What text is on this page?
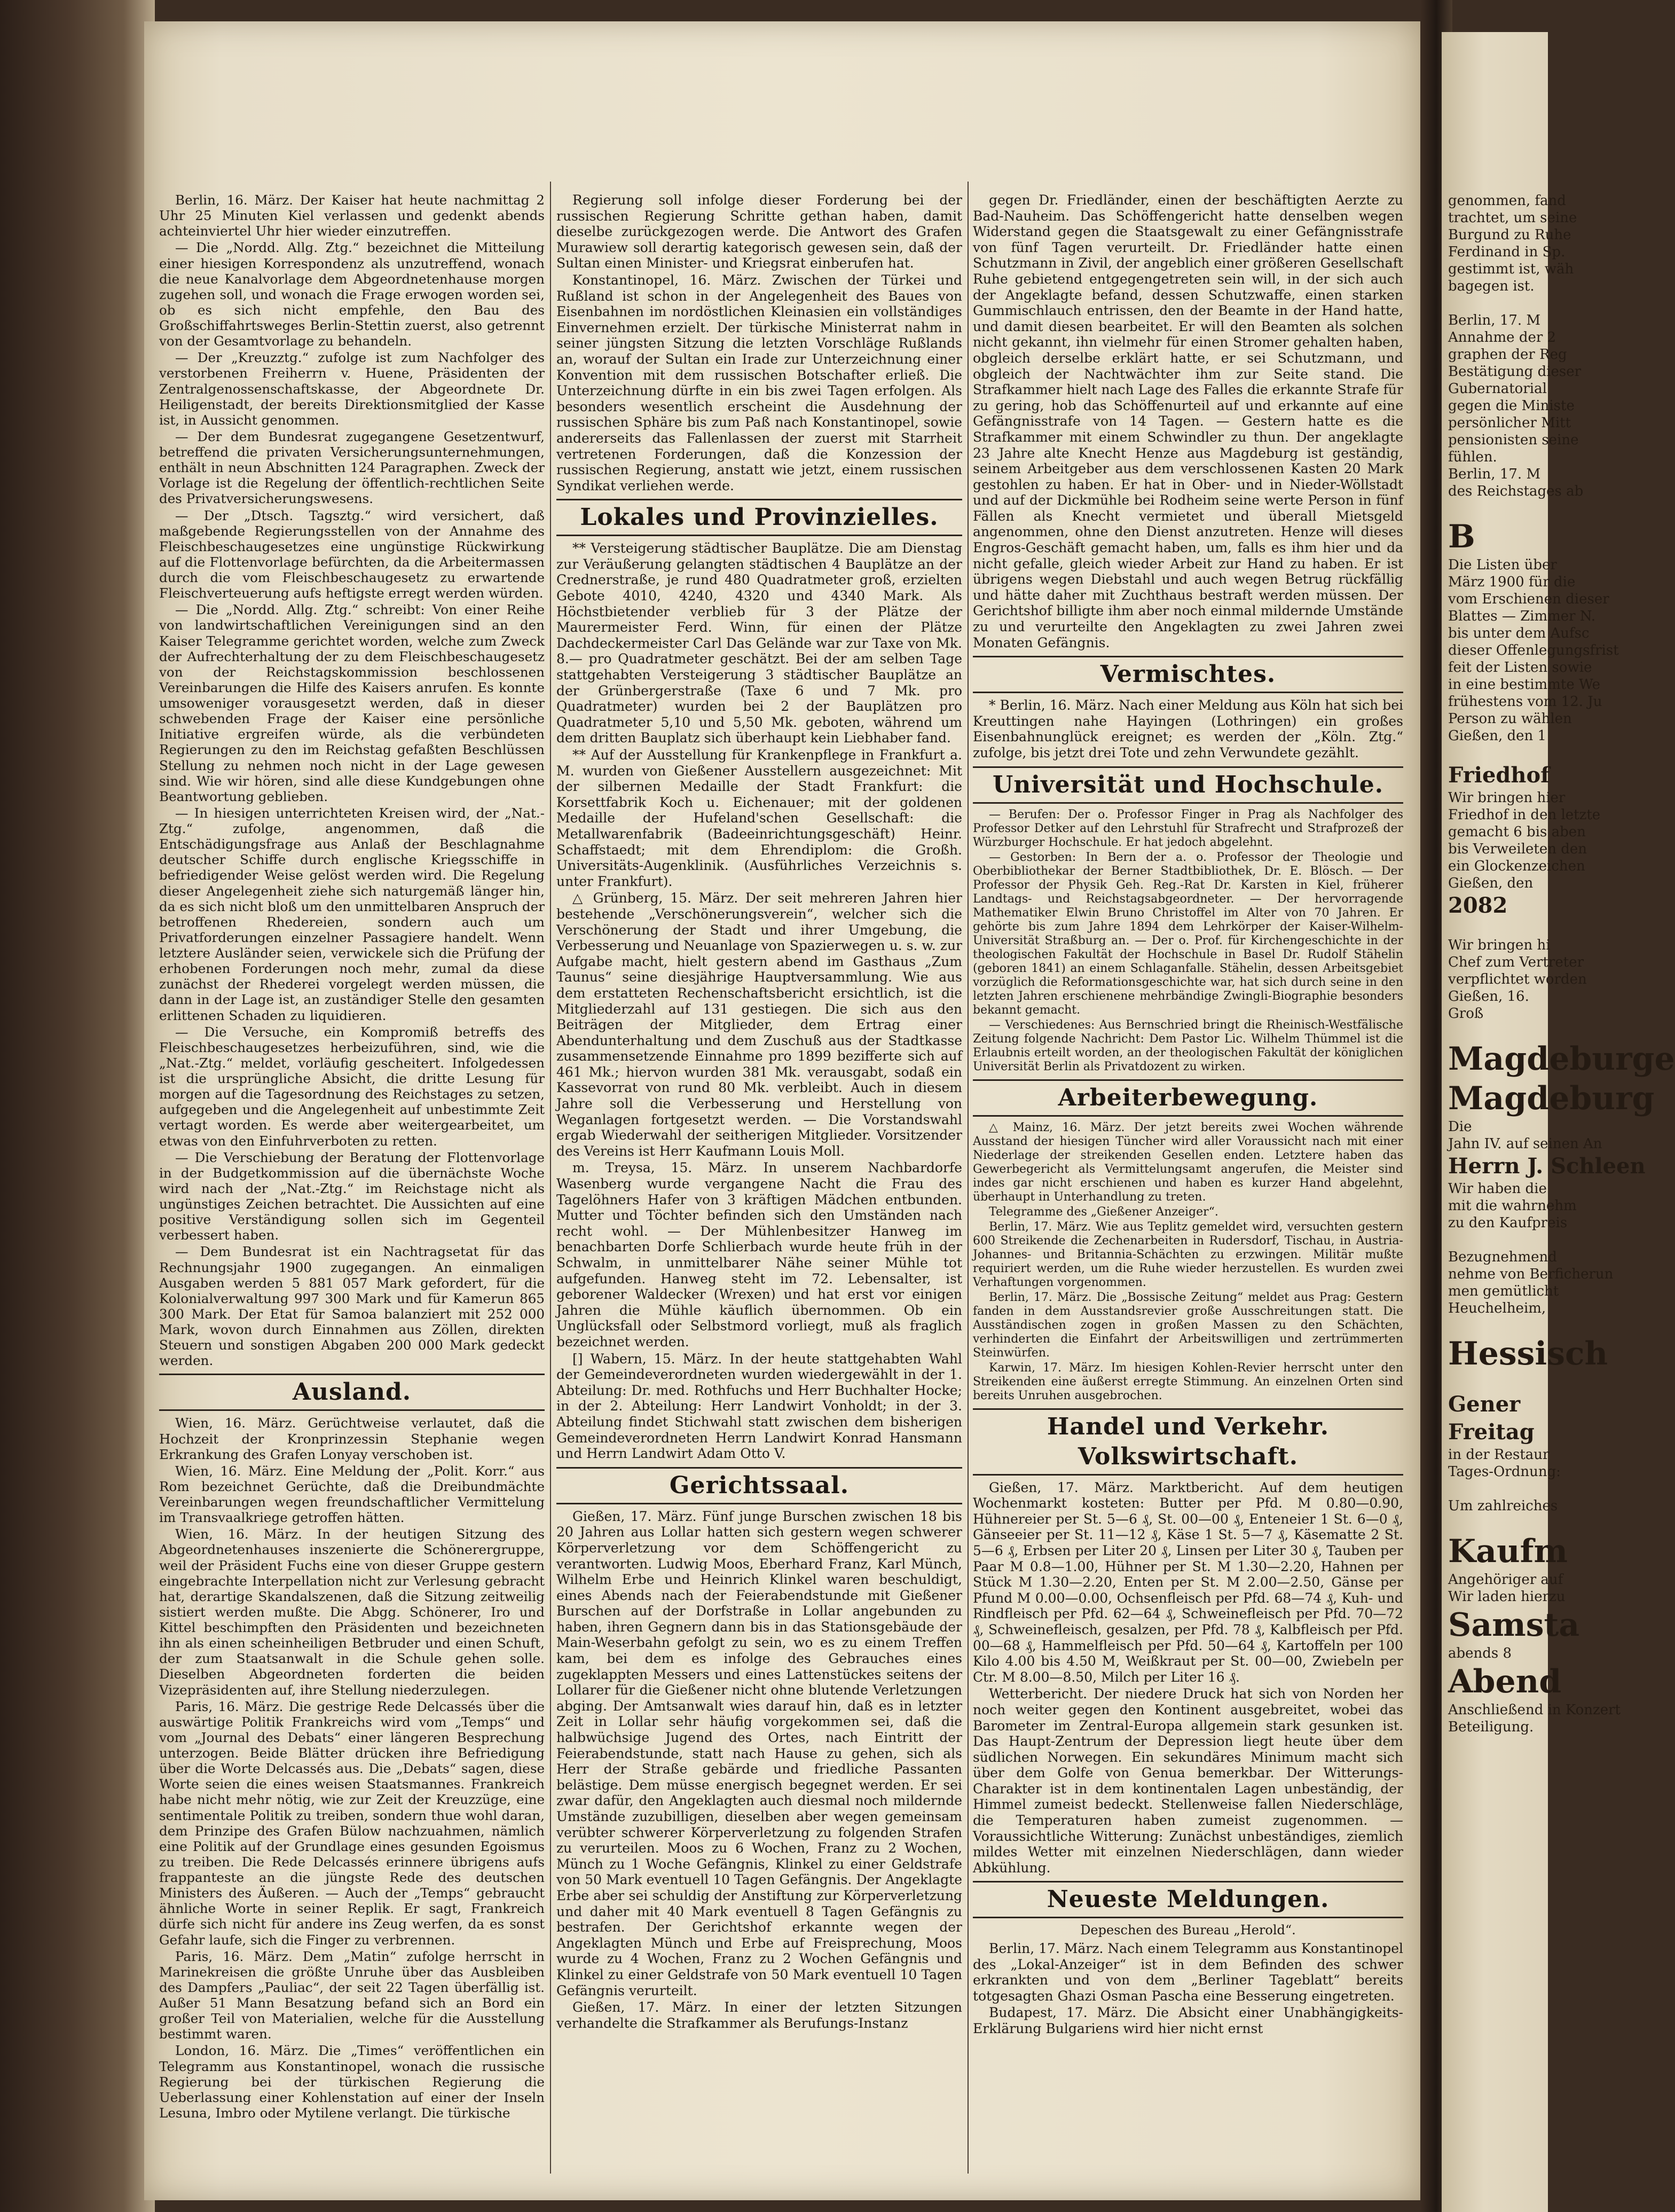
Berlin, 16. März. Der Kaiser hat heute nachmittag 2 Uhr 25 Minuten Kiel verlassen und gedenkt abends achteinviertel Uhr hier wieder einzutreffen.

— Die „Nordd. Allg. Ztg.“ bezeichnet die Mitteilung einer hiesigen Korrespondenz als unzutreffend, wonach die neue Kanalvorlage dem Abgeordnetenhause morgen zugehen soll, und wonach die Frage erwogen worden sei, ob es sich nicht empfehle, den Bau des Großschiffahrtsweges Berlin-Stettin zuerst, also getrennt von der Gesamtvorlage zu behandeln.

— Der „Kreuzztg.“ zufolge ist zum Nachfolger des verstorbenen Freiherrn v. Huene, Präsidenten der Zentralgenossenschaftskasse, der Abgeordnete Dr. Heiligenstadt, der bereits Direktionsmitglied der Kasse ist, in Aussicht genommen.

— Der dem Bundesrat zugegangene Gesetzentwurf, betreffend die privaten Versicherungsunternehmungen, enthält in neun Abschnitten 124 Paragraphen. Zweck der Vorlage ist die Regelung der öffentlich-rechtlichen Seite des Privatversicherungswesens.

— Der „Dtsch. Tagsztg.“ wird versichert, daß maßgebende Regierungsstellen von der Annahme des Fleischbeschaugesetzes eine ungünstige Rückwirkung auf die Flottenvorlage befürchten, da die Arbeitermassen durch die vom Fleischbeschaugesetz zu erwartende Fleischverteuerung aufs heftigste erregt werden würden.

— Die „Nordd. Allg. Ztg.“ schreibt: Von einer Reihe von landwirtschaftlichen Vereinigungen sind an den Kaiser Telegramme gerichtet worden, welche zum Zweck der Aufrechterhaltung der zu dem Fleischbeschaugesetz von der Reichstagskommission beschlossenen Vereinbarungen die Hilfe des Kaisers anrufen. Es konnte umsoweniger vorausgesetzt werden, daß in dieser schwebenden Frage der Kaiser eine persönliche Initiative ergreifen würde, als die verbündeten Regierungen zu den im Reichstag gefaßten Beschlüssen Stellung zu nehmen noch nicht in der Lage gewesen sind. Wie wir hören, sind alle diese Kundgebungen ohne Beantwortung geblieben.

— In hiesigen unterrichteten Kreisen wird, der „Nat.-Ztg.“ zufolge, angenommen, daß die Entschädigungsfrage aus Anlaß der Beschlagnahme deutscher Schiffe durch englische Kriegsschiffe in befriedigender Weise gelöst werden wird. Die Regelung dieser Angelegenheit ziehe sich naturgemäß länger hin, da es sich nicht bloß um den unmittelbaren Anspruch der betroffenen Rhedereien, sondern auch um Privatforderungen einzelner Passagiere handelt. Wenn letztere Ausländer seien, verwickele sich die Prüfung der erhobenen Forderungen noch mehr, zumal da diese zunächst der Rhederei vorgelegt werden müssen, die dann in der Lage ist, an zuständiger Stelle den gesamten erlittenen Schaden zu liquidieren.

— Die Versuche, ein Kompromiß betreffs des Fleischbeschaugesetzes herbeizuführen, sind, wie die „Nat.-Ztg.“ meldet, vorläufig gescheitert. Infolgedessen ist die ursprüngliche Absicht, die dritte Lesung für morgen auf die Tagesordnung des Reichstages zu setzen, aufgegeben und die Angelegenheit auf unbestimmte Zeit vertagt worden. Es werde aber weitergearbeitet, um etwas von den Einfuhrverboten zu retten.

— Die Verschiebung der Beratung der Flottenvorlage in der Budgetkommission auf die übernächste Woche wird nach der „Nat.-Ztg.“ im Reichstage nicht als ungünstiges Zeichen betrachtet. Die Aussichten auf eine positive Verständigung sollen sich im Gegenteil verbessert haben.

— Dem Bundesrat ist ein Nachtragsetat für das Rechnungsjahr 1900 zugegangen. An einmaligen Ausgaben werden 5 881 057 Mark gefordert, für die Kolonialverwaltung 997 300 Mark und für Kamerun 865 300 Mark. Der Etat für Samoa balanziert mit 252 000 Mark, wovon durch Einnahmen aus Zöllen, direkten Steuern und sonstigen Abgaben 200 000 Mark gedeckt werden.

Ausland.

Wien, 16. März. Gerüchtweise verlautet, daß die Hochzeit der Kronprinzessin Stephanie wegen Erkrankung des Grafen Lonyay verschoben ist.

Wien, 16. März. Eine Meldung der „Polit. Korr.“ aus Rom bezeichnet Gerüchte, daß die Dreibundmächte Vereinbarungen wegen freundschaftlicher Vermittelung im Transvaalkriege getroffen hätten.

Wien, 16. März. In der heutigen Sitzung des Abgeordnetenhauses inszenierte die Schönerergruppe, weil der Präsident Fuchs eine von dieser Gruppe gestern eingebrachte Interpellation nicht zur Verlesung gebracht hat, derartige Skandalszenen, daß die Sitzung zeitweilig sistiert werden mußte. Die Abgg. Schönerer, Iro und Kittel beschimpften den Präsidenten und bezeichneten ihn als einen scheinheiligen Betbruder und einen Schuft, der zum Staatsanwalt in die Schule gehen solle. Dieselben Abgeordneten forderten die beiden Vizepräsidenten auf, ihre Stellung niederzulegen.

Paris, 16. März. Die gestrige Rede Delcassés über die auswärtige Politik Frankreichs wird vom „Temps“ und vom „Journal des Debats“ einer längeren Besprechung unterzogen. Beide Blätter drücken ihre Befriedigung über die Worte Delcassés aus. Die „Debats“ sagen, diese Worte seien die eines weisen Staatsmannes. Frankreich habe nicht mehr nötig, wie zur Zeit der Kreuzzüge, eine sentimentale Politik zu treiben, sondern thue wohl daran, dem Prinzipe des Grafen Bülow nachzuahmen, nämlich eine Politik auf der Grundlage eines gesunden Egoismus zu treiben. Die Rede Delcassés erinnere übrigens aufs frappanteste an die jüngste Rede des deutschen Ministers des Äußeren. — Auch der „Temps“ gebraucht ähnliche Worte in seiner Replik. Er sagt, Frankreich dürfe sich nicht für andere ins Zeug werfen, da es sonst Gefahr laufe, sich die Finger zu verbrennen.

Paris, 16. März. Dem „Matin“ zufolge herrscht in Marinekreisen die größte Unruhe über das Ausbleiben des Dampfers „Pauliac“, der seit 22 Tagen überfällig ist. Außer 51 Mann Besatzung befand sich an Bord ein großer Teil von Materialien, welche für die Ausstellung bestimmt waren.

London, 16. März. Die „Times“ veröffentlichen ein Telegramm aus Konstantinopel, wonach die russische Regierung bei der türkischen Regierung die Ueberlassung einer Kohlenstation auf einer der Inseln Lesuna, Imbro oder Mytilene verlangt. Die türkische

Regierung soll infolge dieser Forderung bei der russischen Regierung Schritte gethan haben, damit dieselbe zurückgezogen werde. Die Antwort des Grafen Murawiew soll derartig kategorisch gewesen sein, daß der Sultan einen Minister- und Kriegsrat einberufen hat.

Konstantinopel, 16. März. Zwischen der Türkei und Rußland ist schon in der Angelegenheit des Baues von Eisenbahnen im nordöstlichen Kleinasien ein vollständiges Einvernehmen erzielt. Der türkische Ministerrat nahm in seiner jüngsten Sitzung die letzten Vorschläge Rußlands an, worauf der Sultan ein Irade zur Unterzeichnung einer Konvention mit dem russischen Botschafter erließ. Die Unterzeichnung dürfte in ein bis zwei Tagen erfolgen. Als besonders wesentlich erscheint die Ausdehnung der russischen Sphäre bis zum Paß nach Konstantinopel, sowie andererseits das Fallenlassen der zuerst mit Starrheit vertretenen Forderungen, daß die Konzession der russischen Regierung, anstatt wie jetzt, einem russischen Syndikat verliehen werde.

Lokales und Provinzielles.

** Versteigerung städtischer Bauplätze. Die am Dienstag zur Veräußerung gelangten städtischen 4 Bauplätze an der Crednerstraße, je rund 480 Quadratmeter groß, erzielten Gebote 4010, 4240, 4320 und 4340 Mark. Als Höchstbietender verblieb für 3 der Plätze der Maurermeister Ferd. Winn, für einen der Plätze Dachdeckermeister Carl Das Gelände war zur Taxe von Mk. 8.— pro Quadratmeter geschätzt. Bei der am selben Tage stattgehabten Versteigerung 3 städtischer Bauplätze an der Grünbergerstraße (Taxe 6 und 7 Mk. pro Quadratmeter) wurden bei 2 der Bauplätzen pro Quadratmeter 5,10 und 5,50 Mk. geboten, während um dem dritten Bauplatz sich überhaupt kein Liebhaber fand.

** Auf der Ausstellung für Krankenpflege in Frankfurt a. M. wurden von Gießener Ausstellern ausgezeichnet: Mit der silbernen Medaille der Stadt Frankfurt: die Korsettfabrik Koch u. Eichenauer; mit der goldenen Medaille der Hufeland'schen Gesellschaft: die Metallwarenfabrik (Badeeinrichtungsgeschäft) Heinr. Schaffstaedt; mit dem Ehrendiplom: die Großh. Universitäts-Augenklinik. (Ausführliches Verzeichnis s. unter Frankfurt).

△ Grünberg, 15. März. Der seit mehreren Jahren hier bestehende „Verschönerungsverein“, welcher sich die Verschönerung der Stadt und ihrer Umgebung, die Verbesserung und Neuanlage von Spazierwegen u. s. w. zur Aufgabe macht, hielt gestern abend im Gasthaus „Zum Taunus“ seine diesjährige Hauptversammlung. Wie aus dem erstatteten Rechenschaftsbericht ersichtlich, ist die Mitgliederzahl auf 131 gestiegen. Die sich aus den Beiträgen der Mitglieder, dem Ertrag einer Abendunterhaltung und dem Zuschuß aus der Stadtkasse zusammensetzende Einnahme pro 1899 bezifferte sich auf 461 Mk.; hiervon wurden 381 Mk. verausgabt, sodaß ein Kassevorrat von rund 80 Mk. verbleibt. Auch in diesem Jahre soll die Verbesserung und Herstellung von Weganlagen fortgesetzt werden. — Die Vorstandswahl ergab Wiederwahl der seitherigen Mitglieder. Vorsitzender des Vereins ist Herr Kaufmann Louis Moll.

m. Treysa, 15. März. In unserem Nachbardorfe Wasenberg wurde vergangene Nacht die Frau des Tagelöhners Hafer von 3 kräftigen Mädchen entbunden. Mutter und Töchter befinden sich den Umständen nach recht wohl. — Der Mühlenbesitzer Hanweg im benachbarten Dorfe Schlierbach wurde heute früh in der Schwalm, in unmittelbarer Nähe seiner Mühle tot aufgefunden. Hanweg steht im 72. Lebensalter, ist geborener Waldecker (Wrexen) und hat erst vor einigen Jahren die Mühle käuflich übernommen. Ob ein Unglücksfall oder Selbstmord vorliegt, muß als fraglich bezeichnet werden.

[] Wabern, 15. März. In der heute stattgehabten Wahl der Gemeindeverordneten wurden wiedergewählt in der 1. Abteilung: Dr. med. Rothfuchs und Herr Buchhalter Hocke; in der 2. Abteilung: Herr Landwirt Vonholdt; in der 3. Abteilung findet Stichwahl statt zwischen dem bisherigen Gemeindeverordneten Herrn Landwirt Konrad Hansmann und Herrn Landwirt Adam Otto V.

Gerichtssaal.

Gießen, 17. März. Fünf junge Burschen zwischen 18 bis 20 Jahren aus Lollar hatten sich gestern wegen schwerer Körperverletzung vor dem Schöffengericht zu verantworten. Ludwig Moos, Eberhard Franz, Karl Münch, Wilhelm Erbe und Heinrich Klinkel waren beschuldigt, eines Abends nach der Feierabendstunde mit Gießener Burschen auf der Dorfstraße in Lollar angebunden zu haben, ihren Gegnern dann bis in das Stationsgebäude der Main-Weserbahn gefolgt zu sein, wo es zu einem Treffen kam, bei dem es infolge des Gebrauches eines zugeklappten Messers und eines Lattenstückes seitens der Lollarer für die Gießener nicht ohne blutende Verletzungen abging. Der Amtsanwalt wies darauf hin, daß es in letzter Zeit in Lollar sehr häufig vorgekommen sei, daß die halbwüchsige Jugend des Ortes, nach Eintritt der Feierabendstunde, statt nach Hause zu gehen, sich als Herr der Straße gebärde und friedliche Passanten belästige. Dem müsse energisch begegnet werden. Er sei zwar dafür, den Angeklagten auch diesmal noch mildernde Umstände zuzubilligen, dieselben aber wegen gemeinsam verübter schwerer Körperverletzung zu folgenden Strafen zu verurteilen. Moos zu 6 Wochen, Franz zu 2 Wochen, Münch zu 1 Woche Gefängnis, Klinkel zu einer Geldstrafe von 50 Mark eventuell 10 Tagen Gefängnis. Der Angeklagte Erbe aber sei schuldig der Anstiftung zur Körperverletzung und daher mit 40 Mark eventuell 8 Tagen Gefängnis zu bestrafen. Der Gerichtshof erkannte wegen der Angeklagten Münch und Erbe auf Freisprechung, Moos wurde zu 4 Wochen, Franz zu 2 Wochen Gefängnis und Klinkel zu einer Geldstrafe von 50 Mark eventuell 10 Tagen Gefängnis verurteilt.

Gießen, 17. März. In einer der letzten Sitzungen verhandelte die Strafkammer als Berufungs-Instanz

gegen Dr. Friedländer, einen der beschäftigten Aerzte zu Bad-Nauheim. Das Schöffengericht hatte denselben wegen Widerstand gegen die Staatsgewalt zu einer Gefängnisstrafe von fünf Tagen verurteilt. Dr. Friedländer hatte einen Schutzmann in Zivil, der angeblich einer größeren Gesellschaft Ruhe gebietend entgegengetreten sein will, in der sich auch der Angeklagte befand, dessen Schutzwaffe, einen starken Gummischlauch entrissen, den der Beamte in der Hand hatte, und damit diesen bearbeitet. Er will den Beamten als solchen nicht gekannt, ihn vielmehr für einen Stromer gehalten haben, obgleich derselbe erklärt hatte, er sei Schutzmann, und obgleich der Nachtwächter ihm zur Seite stand. Die Strafkammer hielt nach Lage des Falles die erkannte Strafe für zu gering, hob das Schöffenurteil auf und erkannte auf eine Gefängnisstrafe von 14 Tagen. — Gestern hatte es die Strafkammer mit einem Schwindler zu thun. Der angeklagte 23 Jahre alte Knecht Henze aus Magdeburg ist geständig, seinem Arbeitgeber aus dem verschlossenen Kasten 20 Mark gestohlen zu haben. Er hat in Ober- und in Nieder-Wöllstadt und auf der Dickmühle bei Rodheim seine werte Person in fünf Fällen als Knecht vermietet und überall Mietsgeld angenommen, ohne den Dienst anzutreten. Henze will dieses Engros-Geschäft gemacht haben, um, falls es ihm hier und da nicht gefalle, gleich wieder Arbeit zur Hand zu haben. Er ist übrigens wegen Diebstahl und auch wegen Betrug rückfällig und hätte daher mit Zuchthaus bestraft werden müssen. Der Gerichtshof billigte ihm aber noch einmal mildernde Umstände zu und verurteilte den Angeklagten zu zwei Jahren zwei Monaten Gefängnis.

Vermischtes.

* Berlin, 16. März. Nach einer Meldung aus Köln hat sich bei Kreuttingen nahe Hayingen (Lothringen) ein großes Eisenbahnunglück ereignet; es werden der „Köln. Ztg.“ zufolge, bis jetzt drei Tote und zehn Verwundete gezählt.

Universität und Hochschule.

— Berufen: Der o. Professor Finger in Prag als Nachfolger des Professor Detker auf den Lehrstuhl für Strafrecht und Strafprozeß der Würzburger Hochschule. Er hat jedoch abgelehnt.

— Gestorben: In Bern der a. o. Professor der Theologie und Oberbibliothekar der Berner Stadtbibliothek, Dr. E. Blösch. — Der Professor der Physik Geh. Reg.-Rat Dr. Karsten in Kiel, früherer Landtags- und Reichstagsabgeordneter. — Der hervorragende Mathematiker Elwin Bruno Christoffel im Alter von 70 Jahren. Er gehörte bis zum Jahre 1894 dem Lehrkörper der Kaiser-Wilhelm-Universität Straßburg an. — Der o. Prof. für Kirchengeschichte in der theologischen Fakultät der Hochschule in Basel Dr. Rudolf Stähelin (geboren 1841) an einem Schlaganfalle. Stähelin, dessen Arbeitsgebiet vorzüglich die Reformationsgeschichte war, hat sich durch seine in den letzten Jahren erschienene mehrbändige Zwingli-Biographie besonders bekannt gemacht.

— Verschiedenes: Aus Bernschried bringt die Rheinisch-Westfälische Zeitung folgende Nachricht: Dem Pastor Lic. Wilhelm Thümmel ist die Erlaubnis erteilt worden, an der theologischen Fakultät der königlichen Universität Berlin als Privatdozent zu wirken.

Arbeiterbewegung.

△ Mainz, 16. März. Der jetzt bereits zwei Wochen währende Ausstand der hiesigen Tüncher wird aller Voraussicht nach mit einer Niederlage der streikenden Gesellen enden. Letztere haben das Gewerbegericht als Vermittelungsamt angerufen, die Meister sind indes gar nicht erschienen und haben es kurzer Hand abgelehnt, überhaupt in Unterhandlung zu treten.

Telegramme des „Gießener Anzeiger“.

Berlin, 17. März. Wie aus Teplitz gemeldet wird, versuchten gestern 600 Streikende die Zechenarbeiten in Rudersdorf, Tischau, in Austria- Johannes- und Britannia-Schächten zu erzwingen. Militär mußte requiriert werden, um die Ruhe wieder herzustellen. Es wurden zwei Verhaftungen vorgenommen.

Berlin, 17. März. Die „Bossische Zeitung“ meldet aus Prag: Gestern fanden in dem Ausstandsrevier große Ausschreitungen statt. Die Ausständischen zogen in großen Massen zu den Schächten, verhinderten die Einfahrt der Arbeitswilligen und zertrümmerten Steinwürfen.

Karwin, 17. März. Im hiesigen Kohlen-Revier herrscht unter den Streikenden eine äußerst erregte Stimmung. An einzelnen Orten sind bereits Unruhen ausgebrochen.

Handel und Verkehr. Volkswirtschaft.

Gießen, 17. März. Marktbericht. Auf dem heutigen Wochenmarkt kosteten: Butter per Pfd. M 0.80—0.90, Hühnereier per St. 5—6 ₰, St. 00—00 ₰, Enteneier 1 St. 6—0 ₰, Gänseeier per St. 11—12 ₰, Käse 1 St. 5—7 ₰, Käsematte 2 St. 5—6 ₰, Erbsen per Liter 20 ₰, Linsen per Liter 30 ₰, Tauben per Paar M 0.8—1.00, Hühner per St. M 1.30—2.20, Hahnen per Stück M 1.30—2.20, Enten per St. M 2.00—2.50, Gänse per Pfund M 0.00—0.00, Ochsenfleisch per Pfd. 68—74 ₰, Kuh- und Rindfleisch per Pfd. 62—64 ₰, Schweinefleisch per Pfd. 70—72 ₰, Schweinefleisch, gesalzen, per Pfd. 78 ₰, Kalbfleisch per Pfd. 00—68 ₰, Hammelfleisch per Pfd. 50—64 ₰, Kartoffeln per 100 Kilo 4.00 bis 4.50 M, Weißkraut per St. 00—00, Zwiebeln per Ctr. M 8.00—8.50, Milch per Liter 16 ₰.

Wetterbericht. Der niedere Druck hat sich von Norden her noch weiter gegen den Kontinent ausgebreitet, wobei das Barometer im Zentral-Europa allgemein stark gesunken ist. Das Haupt-Zentrum der Depression liegt heute über dem südlichen Norwegen. Ein sekundäres Minimum macht sich über dem Golfe von Genua bemerkbar. Der Witterungs-Charakter ist in dem kontinentalen Lagen unbeständig, der Himmel zumeist bedeckt. Stellenweise fallen Niederschläge, die Temperaturen haben zumeist zugenommen. — Voraussichtliche Witterung: Zunächst unbeständiges, ziemlich mildes Wetter mit einzelnen Niederschlägen, dann wieder Abkühlung.

Neueste Meldungen.
Depeschen des Bureau „Herold“.

Berlin, 17. März. Nach einem Telegramm aus Konstantinopel des „Lokal-Anzeiger“ ist in dem Befinden des schwer erkrankten und von dem „Berliner Tageblatt“ bereits totgesagten Ghazi Osman Pascha eine Besserung eingetreten.

Budapest, 17. März. Die Absicht einer Unabhängigkeits-Erklärung Bulgariens wird hier nicht ernst

genommen, fand
trachtet, um seine
Burgund zu Ruhe
Ferdinand in Sp.
gestimmt ist, wäh
bagegen ist.

Berlin, 17. M
Annahme der 2
graphen der Reg
Bestätigung dieser
Gubernatorial
gegen die Ministe
persönlicher Mitt
pensionisten seine
fühlen.
Berlin, 17. M
des Reichstages ab

B
Die Listen über
März 1900 für die
vom Erschienen dieser
Blattes — Zimmer N.
bis unter dem Aufsc
dieser Offenlegungsfrist
feit der Listen sowie
in eine bestimmte We
frühestens vom 12. Ju
Person zu wählen
Gießen, den 1

Friedhof
Wir bringen hier
Friedhof in den letzte
gemacht 6 bis aben
bis Verweileten den
ein Glockenzeichen
Gießen, den
2082

Wir bringen hi
Chef zum Vertreter
verpflichtet worden
Gießen, 16.
Groß

Magdeburge
Magdeburg
Die
Jahn IV. auf seinen An
Herrn J. Schleen
Wir haben die
mit die wahrnehm
zu den Kaufpreis

Bezugnehmend
nehme von Berficherun
men gemütlicht
Heuchelheim,

Hessisch

Gener
Freitag
in der Restaur
Tages-Ordnung:

Um zahlreiches

Kaufm
Angehöriger auf
Wir laden hierzu
Samsta
abends 8
Abend
Anschließend in Konzert
Beteiligung.
